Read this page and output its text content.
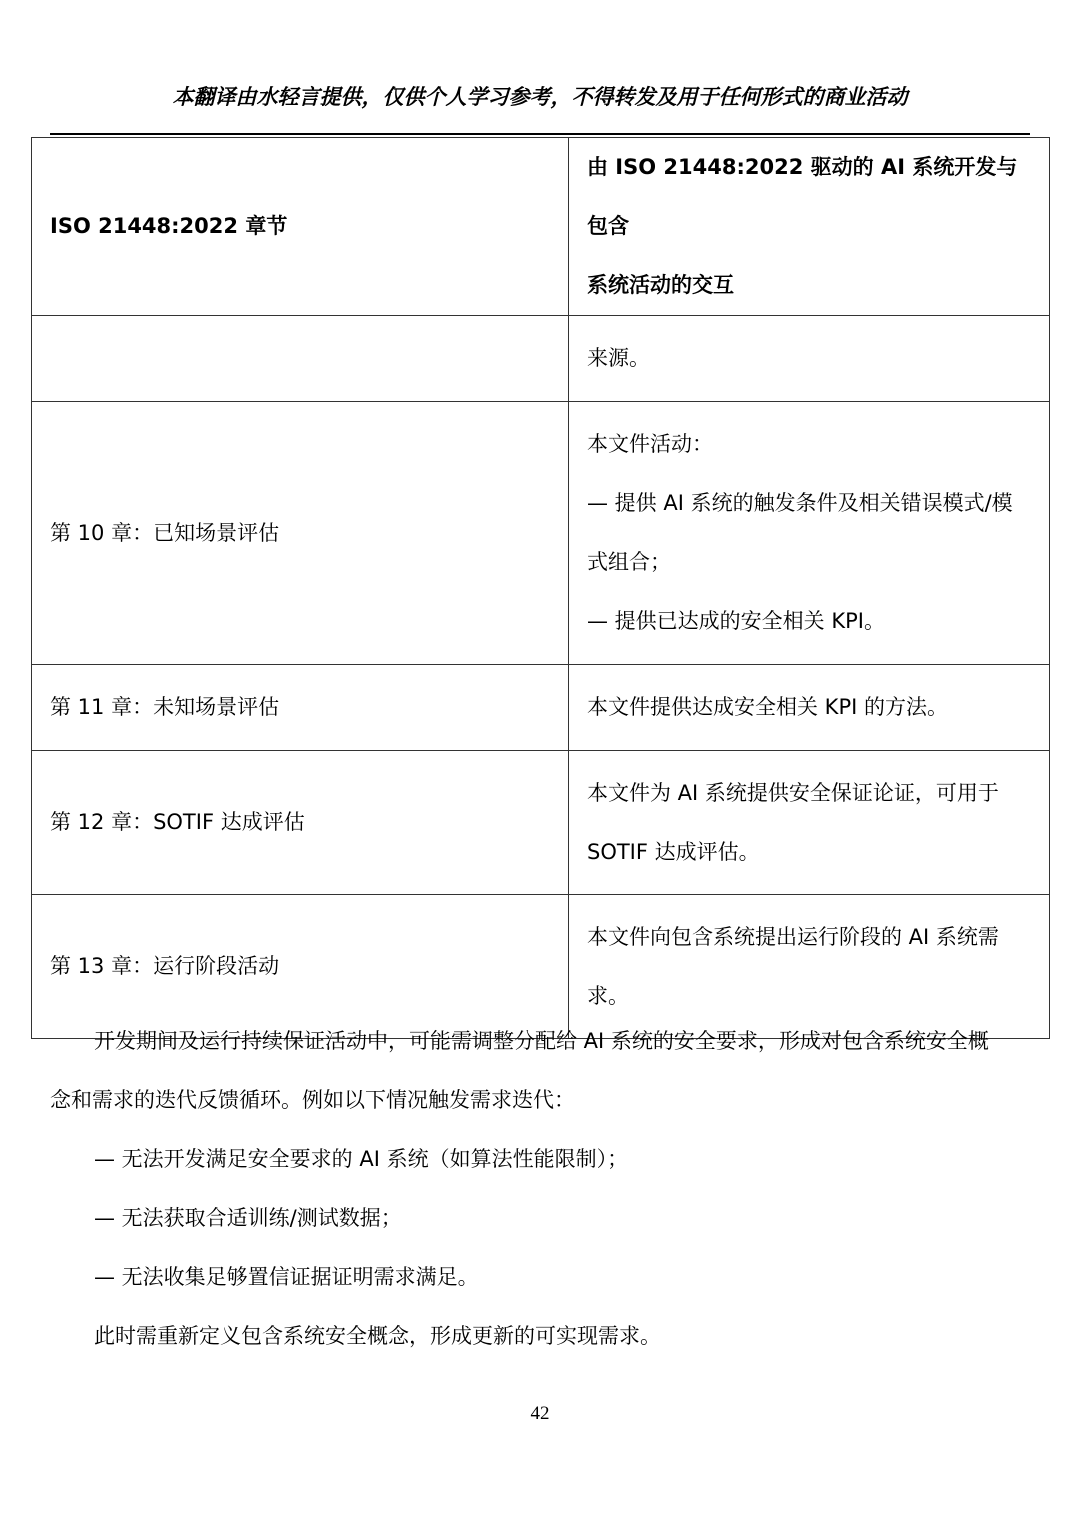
本翻译由水轻言提供，仅供个人学习参考，不得转发及用于任何形式的商业活动
ISO 21448:2022 章节	由 ISO 21448:2022 驱动的 AI 系统开发与包含
系统活动的交互

	来源。

第 10 章：已知场景评估	本文件活动：
— 提供 AI 系统的触发条件及相关错误模式/模
式组合；
— 提供已达成的安全相关 KPI。

第 11 章：未知场景评估	本文件提供达成安全相关 KPI 的方法。

第 12 章：SOTIF 达成评估	本文件为 AI 系统提供安全保证论证，可用于
SOTIF 达成评估。

第 13 章：运行阶段活动	本文件向包含系统提出运行阶段的 AI 系统需
求。

开发期间及运行持续保证活动中，可能需调整分配给 AI 系统的安全要求，形成对包含系统安全概

念和需求的迭代反馈循环。例如以下情况触发需求迭代：

— 无法开发满足安全要求的 AI 系统（如算法性能限制）；

— 无法获取合适训练/测试数据；

— 无法收集足够置信证据证明需求满足。

此时需重新定义包含系统安全概念，形成更新的可实现需求。

42
